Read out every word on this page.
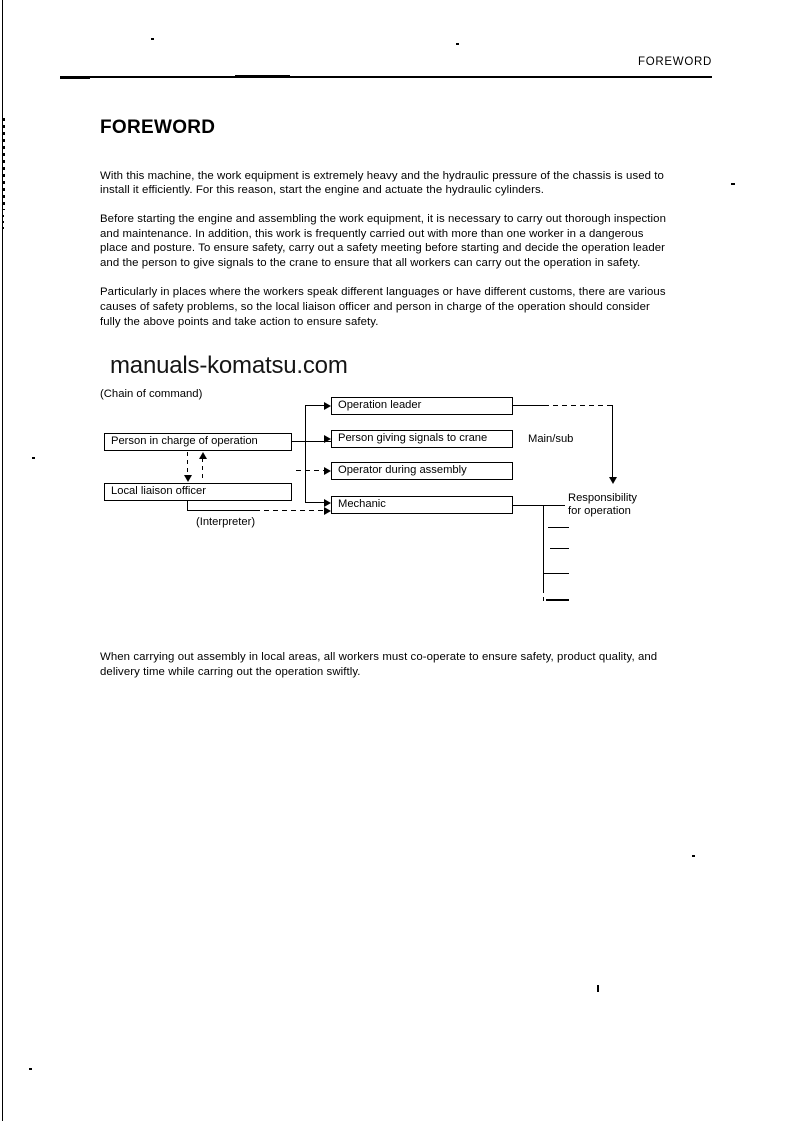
FOREWORD
FOREWORD

With this machine, the work equipment is extremely heavy and the hydraulic pressure of the chassis is used to install it efficiently. For this reason, start the engine and actuate the hydraulic cylinders.

Before starting the engine and assembling the work equipment, it is necessary to carry out thorough inspection and maintenance. In addition, this work is frequently carried out with more than one worker in a dangerous place and posture. To ensure safety, carry out a safety meeting before starting and decide the operation leader and the person to give signals to the crane to ensure that all workers can carry out the operation in safety.

Particularly in places where the workers speak different languages or have different customs, there are various causes of safety problems, so the local liaison officer and person in charge of the operation should consider fully the above points and take action to ensure safety.

manuals-komatsu.com
(Chain of command)
Person in charge of operation
Local liaison officer
Operation leader
Person giving signals to crane
Operator during assembly
Mechanic
(Interpreter)
Main/sub
Responsibility
for operation

When carrying out assembly in local areas, all workers must co-operate to ensure safety, product quality, and delivery time while carring out the operation swiftly.
